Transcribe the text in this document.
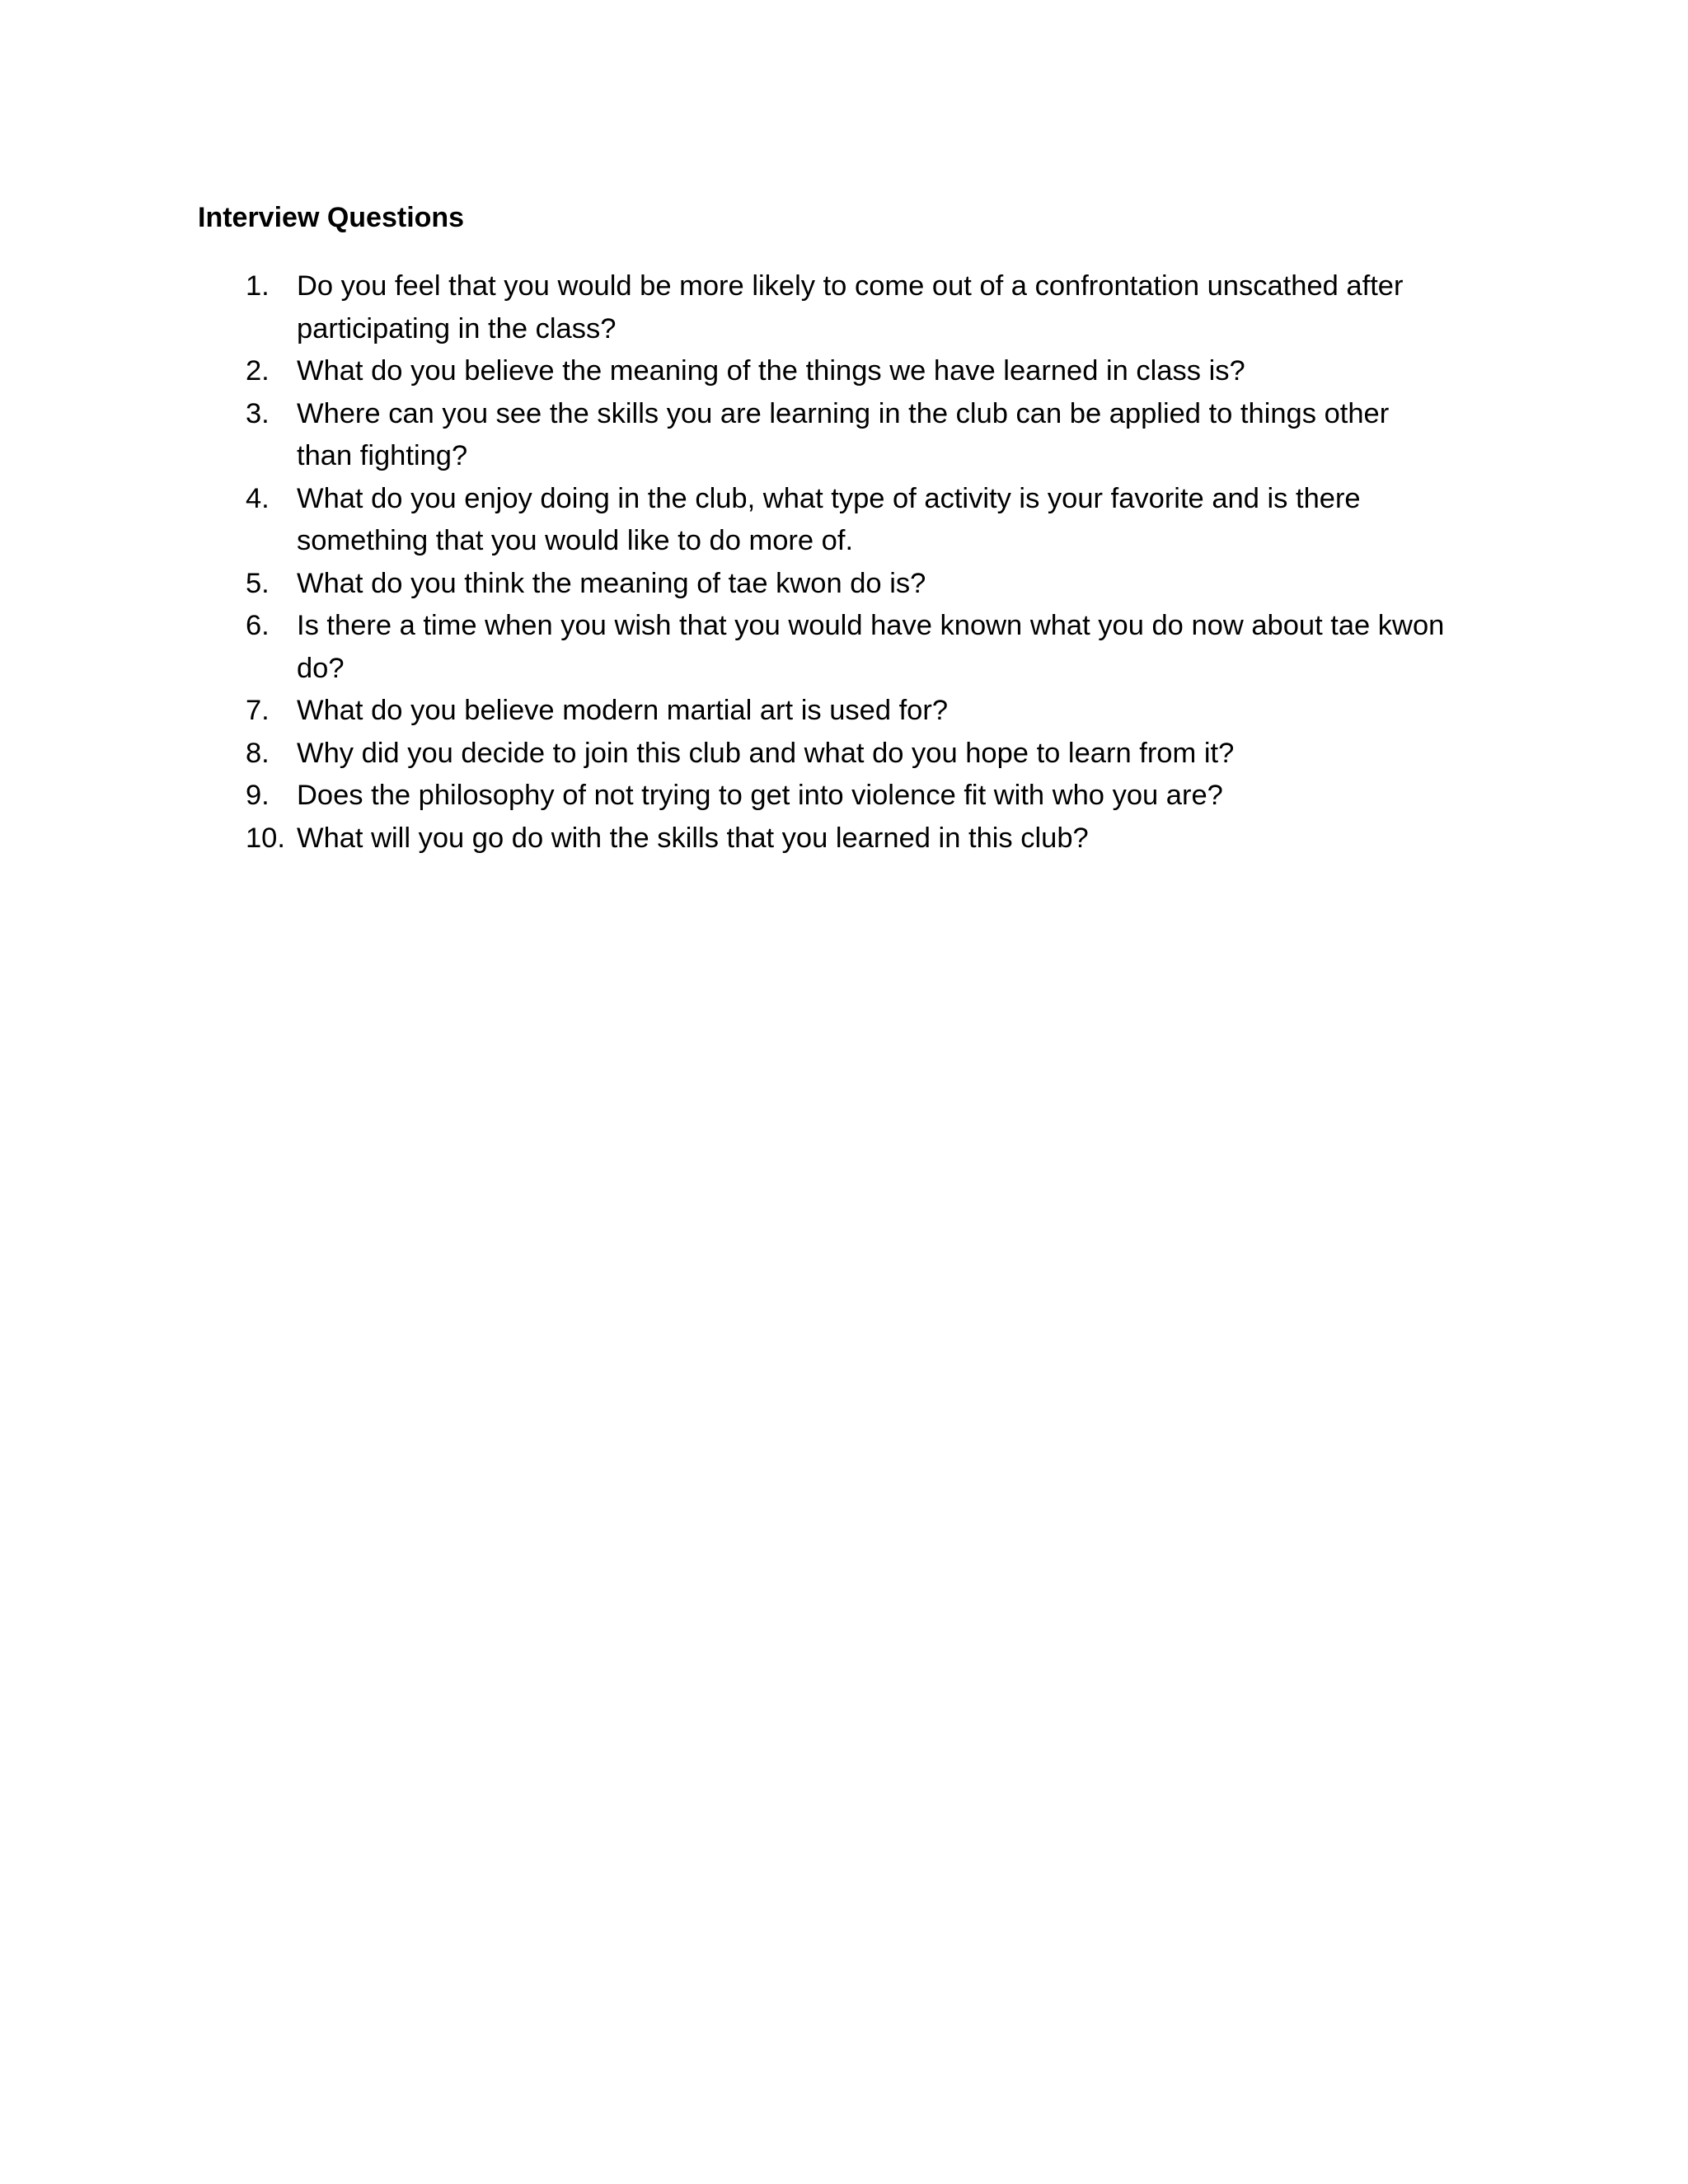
Interview Questions
1. Do you feel that you would be more likely to come out of a confrontation unscathed after participating in the class?
2. What do you believe the meaning of the things we have learned in class is?
3. Where can you see the skills you are learning in the club can be applied to things other than fighting?
4. What do you enjoy doing in the club, what type of activity is your favorite and is there something that you would like to do more of.
5. What do you think the meaning of tae kwon do is?
6. Is there a time when you wish that you would have known what you do now about tae kwon do?
7. What do you believe modern martial art is used for?
8. Why did you decide to join this club and what do you hope to learn from it?
9. Does the philosophy of not trying to get into violence fit with who you are?
10. What will you go do with the skills that you learned in this club?
